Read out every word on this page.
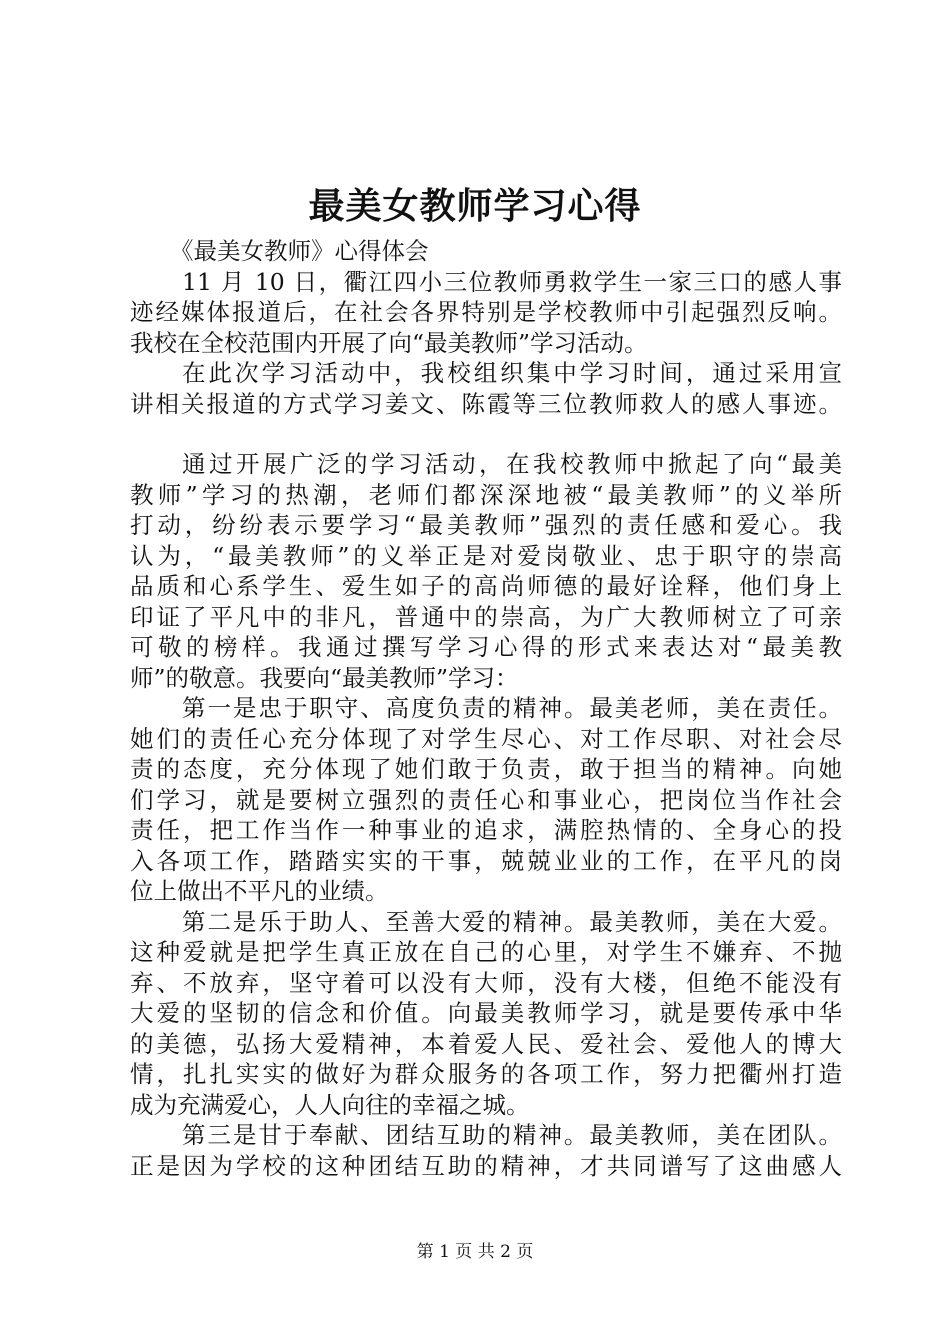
最美女教师学习心得
《最美女教师》心得体会
11 月 10 日，衢江四小三位教师勇救学生一家三口的感人事
迹经媒体报道后，在社会各界特别是学校教师中引起强烈反响。
我校在全校范围内开展了向“最美教师”学习活动。
在此次学习活动中，我校组织集中学习时间，通过采用宣
讲相关报道的方式学习姜文、陈霞等三位教师救人的感人事迹。
通过开展广泛的学习活动，在我校教师中掀起了向“最美
教师”学习的热潮，老师们都深深地被“最美教师”的义举所
打动，纷纷表示要学习“最美教师”强烈的责任感和爱心。我
认为，“最美教师”的义举正是对爱岗敬业、忠于职守的崇高
品质和心系学生、爱生如子的高尚师德的最好诠释，他们身上
印证了平凡中的非凡，普通中的崇高，为广大教师树立了可亲
可敬的榜样。我通过撰写学习心得的形式来表达对“最美教
师”的敬意。我要向“最美教师”学习：
第一是忠于职守、高度负责的精神。最美老师，美在责任。
她们的责任心充分体现了对学生尽心、对工作尽职、对社会尽
责的态度，充分体现了她们敢于负责，敢于担当的精神。向她
们学习，就是要树立强烈的责任心和事业心，把岗位当作社会
责任，把工作当作一种事业的追求，满腔热情的、全身心的投
入各项工作，踏踏实实的干事，兢兢业业的工作，在平凡的岗
位上做出不平凡的业绩。
第二是乐于助人、至善大爱的精神。最美教师，美在大爱。
这种爱就是把学生真正放在自己的心里，对学生不嫌弃、不抛
弃、不放弃，坚守着可以没有大师，没有大楼，但绝不能没有
大爱的坚韧的信念和价值。向最美教师学习，就是要传承中华
的美德，弘扬大爱精神，本着爱人民、爱社会、爱他人的博大
情，扎扎实实的做好为群众服务的各项工作，努力把衢州打造
成为充满爱心，人人向往的幸福之城。
第三是甘于奉献、团结互助的精神。最美教师，美在团队。
正是因为学校的这种团结互助的精神，才共同谱写了这曲感人
第 1 页 共 2 页
